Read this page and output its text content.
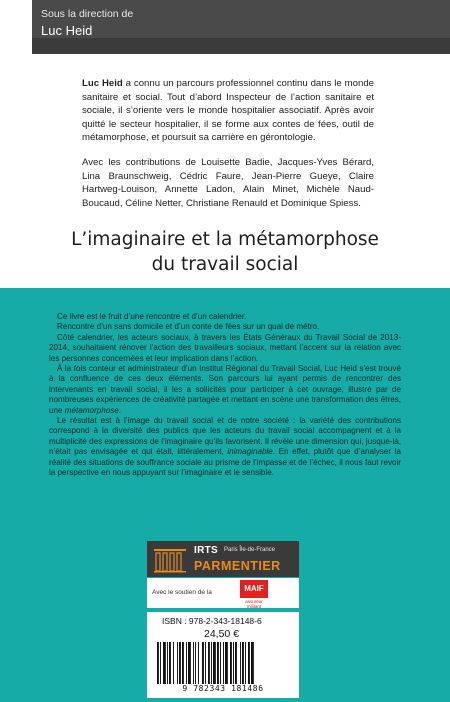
Sous la direction de
Luc Heid
Luc Heid a connu un parcours professionnel continu dans le monde sanitaire et social. Tout d’abord Inspecteur de l’action sanitaire et sociale, il s’oriente vers le monde hospitalier associatif. Après avoir quitté le secteur hospitalier, il se forme aux contes de fées, outil de métamorphose, et poursuit sa carrière en gérontologie.
Avec les contributions de Louisette Badie, Jacques-Yves Bérard, Lina Braunschweig, Cédric Faure, Jean-Pierre Gueye, Claire Hartweg-Louison, Annette Ladon, Alain Minet, Michèle Naud-Boucaud, Céline Netter, Christiane Renauld et Dominique Spiess.
L’imaginaire et la métamorphose
du travail social

Ce livre est le fruit d’une rencontre et d’un calendrier.

Rencontre d’un sans domicile et d’un conte de fées sur un quai de métro.

Côté calendrier, les acteurs sociaux, à travers les États Généraux du Travail Social de 2013-2014, souhaitaient rénover l’action des travailleurs sociaux, mettant l’accent sur la relation avec les personnes concernées et leur implication dans l’action.

À la fois conteur et administrateur d’un Institut Régional du Travail Social, Luc Heid s’est trouvé à la confluence de ces deux éléments. Son parcours lui ayant permis de rencontrer des intervenants en travail social, il les a sollicités pour participer à cet ouvrage, illustré par de nombreuses expériences de créativité partagée et mettant en scène une transformation des êtres, une métamorphose.

Le résultat est à l’image du travail social et de notre société : la variété des contributions correspond à la diversité des publics que les acteurs du travail social accompagnent et à la multiplicité des expressions de l’imaginaire qu’ils favorisent. Il révèle une dimension qui, jusque-là, n’était pas envisagée et qui était, littéralement, inimaginable. En effet, plutôt que d’analyser la réalité des situations de souffrance sociale au prisme de l’impasse et de l’échec, il nous faut revoir la perspective en nous appuyant sur l’imaginaire et le sensible.

IRTS Paris Île-de-France
PARMENTIER
Avec le soutien de la	MAIF
assureur militant
ISBN : 978-2-343-18148-6
24,50 €
9 782343 181486
